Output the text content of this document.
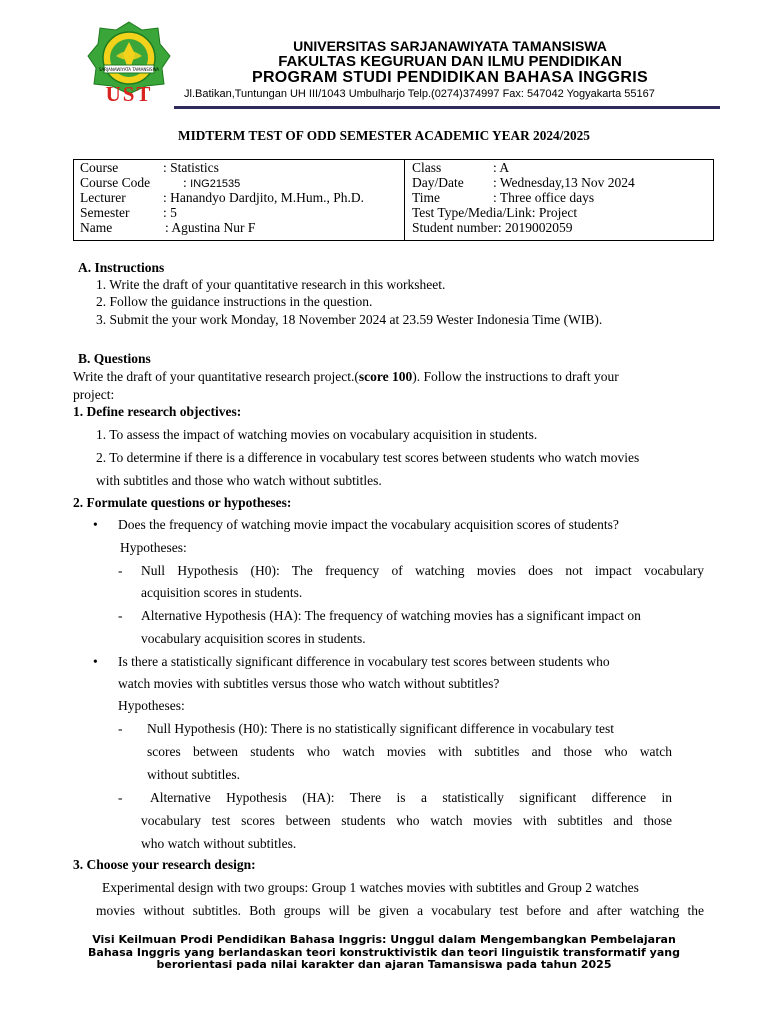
SARJANAWIYATA TAMANSISWA
UST
UNIVERSITAS SARJANAWIYATA TAMANSISWA
FAKULTAS KEGURUAN DAN ILMU PENDIDIKAN
PROGRAM STUDI PENDIDIKAN BAHASA INGGRIS
Jl.Batikan,Tuntungan UH III/1043 Umbulharjo Telp.(0274)374997 Fax: 547042 Yogyakarta 55167
MIDTERM TEST OF ODD SEMESTER ACADEMIC YEAR 2024/2025
Course	: Statistics
Course Code : ING21535
Lecturer	: Hanandyo Dardjito, M.Hum., Ph.D.
Semester : 5
Name	: Agustina Nur F
Class	: A
Day/Date : Wednesday,13 Nov 2024
Time	: Three office days
Test Type/Media/Link: Project
Student number: 2019002059
A. Instructions
1. Write the draft of your quantitative research in this worksheet.
2. Follow the guidance instructions in the question.
3. Submit the your work Monday, 18 November 2024 at 23.59 Wester Indonesia Time (WIB).
B. Questions
Write the draft of your quantitative research project.(score 100). Follow the instructions to draft your
project:
1. Define research objectives:
1. To assess the impact of watching movies on vocabulary acquisition in students.
2. To determine if there is a difference in vocabulary test scores between students who watch movies
with subtitles and those who watch without subtitles.
2. Formulate questions or hypotheses:
• Does the frequency of watching movie impact the vocabulary acquisition scores of students?
Hypotheses:
- Null Hypothesis (H0): The frequency of watching movies does not impact vocabulary
acquisition scores in students.
- Alternative Hypothesis (HA): The frequency of watching movies has a significant impact on
vocabulary acquisition scores in students.
• Is there a statistically significant difference in vocabulary test scores between students who
watch movies with subtitles versus those who watch without subtitles?
Hypotheses:
- Null Hypothesis (H0): There is no statistically significant difference in vocabulary test
scores between students who watch movies with subtitles and those who watch
without subtitles.
- Alternative Hypothesis (HA): There is a statistically significant difference in
vocabulary test scores between students who watch movies with subtitles and those
who watch without subtitles.
3. Choose your research design:
Experimental design with two groups: Group 1 watches movies with subtitles and Group 2 watches
movies without subtitles. Both groups will be given a vocabulary test before and after watching the
Visi Keilmuan Prodi Pendidikan Bahasa Inggris: Unggul dalam Mengembangkan Pembelajaran
Bahasa Inggris yang berlandaskan teori konstruktivistik dan teori linguistik transformatif yang
berorientasi pada nilai karakter dan ajaran Tamansiswa pada tahun 2025
